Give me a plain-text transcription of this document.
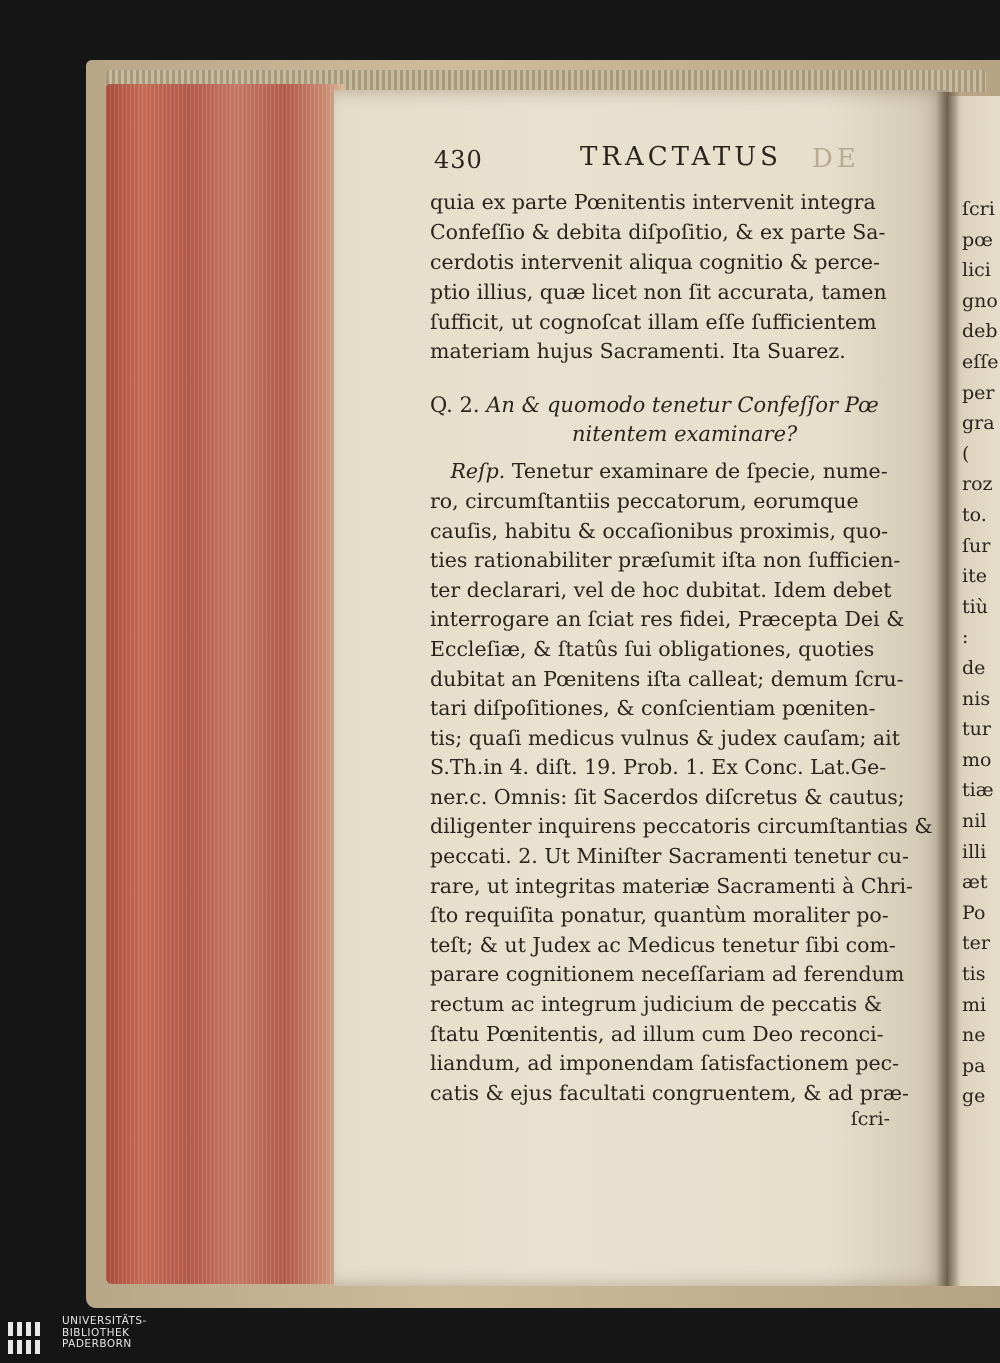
430	TRACTATUS DE
quia ex parte Pœnitentis intervenit integra
Confeſſio & debita diſpoſitio, & ex parte Sa-
cerdotis intervenit aliqua cognitio & perce-
ptio illius, quæ licet non ſit accurata, tamen
ſufficit, ut cognoſcat illam eſſe ſufficientem
materiam hujus Sacramenti. Ita Suarez.
Q. 2. An & quomodo tenetur Confeſſor Pœ
nitentem examinare?
 Reſp. Tenetur examinare de ſpecie, nume-
ro, circumſtantiis peccatorum, eorumque
cauſis, habitu & occaſionibus proximis, quo-
ties rationabiliter præſumit iſta non ſufficien-
ter declarari, vel de hoc dubitat. Idem debet
interrogare an ſciat res fidei, Præcepta Dei &
Eccleſiæ, & ſtatûs ſui obligationes, quoties
dubitat an Pœnitens iſta calleat; demum ſcru-
tari diſpoſitiones, & conſcientiam pœniten-
tis; quaſi medicus vulnus & judex cauſam; ait
S.Th.in 4. diſt. 19. Prob. 1. Ex Conc. Lat.Ge-
ner.c. Omnis: ſit Sacerdos diſcretus & cautus;
diligenter inquirens peccatoris circumſtantias &
peccati. 2. Ut Miniſter Sacramenti tenetur cu-
rare, ut integritas materiæ Sacramenti à Chri-
ſto requiſita ponatur, quantùm moraliter po-
teſt; & ut Judex ac Medicus tenetur ſibi com-
parare cognitionem neceſſariam ad ferendum
rectum ac integrum judicium de peccatis &
ſtatu Pœnitentis, ad illum cum Deo reconci-
liandum, ad imponendam ſatisfactionem pec-
catis & ejus facultati congruentem, & ad præ-
ſcri-
ſcri
pœ
lici
gno
deb
eſſe
per
gra
(
roz
to.
ſur
ite
tiù
:
de
nis
tur
mo
tiæ
nil
illi
æt
Po
ter
tis
mi
ne
pa
ge
UNIVERSITÄTS-
BIBLIOTHEK
PADERBORN
